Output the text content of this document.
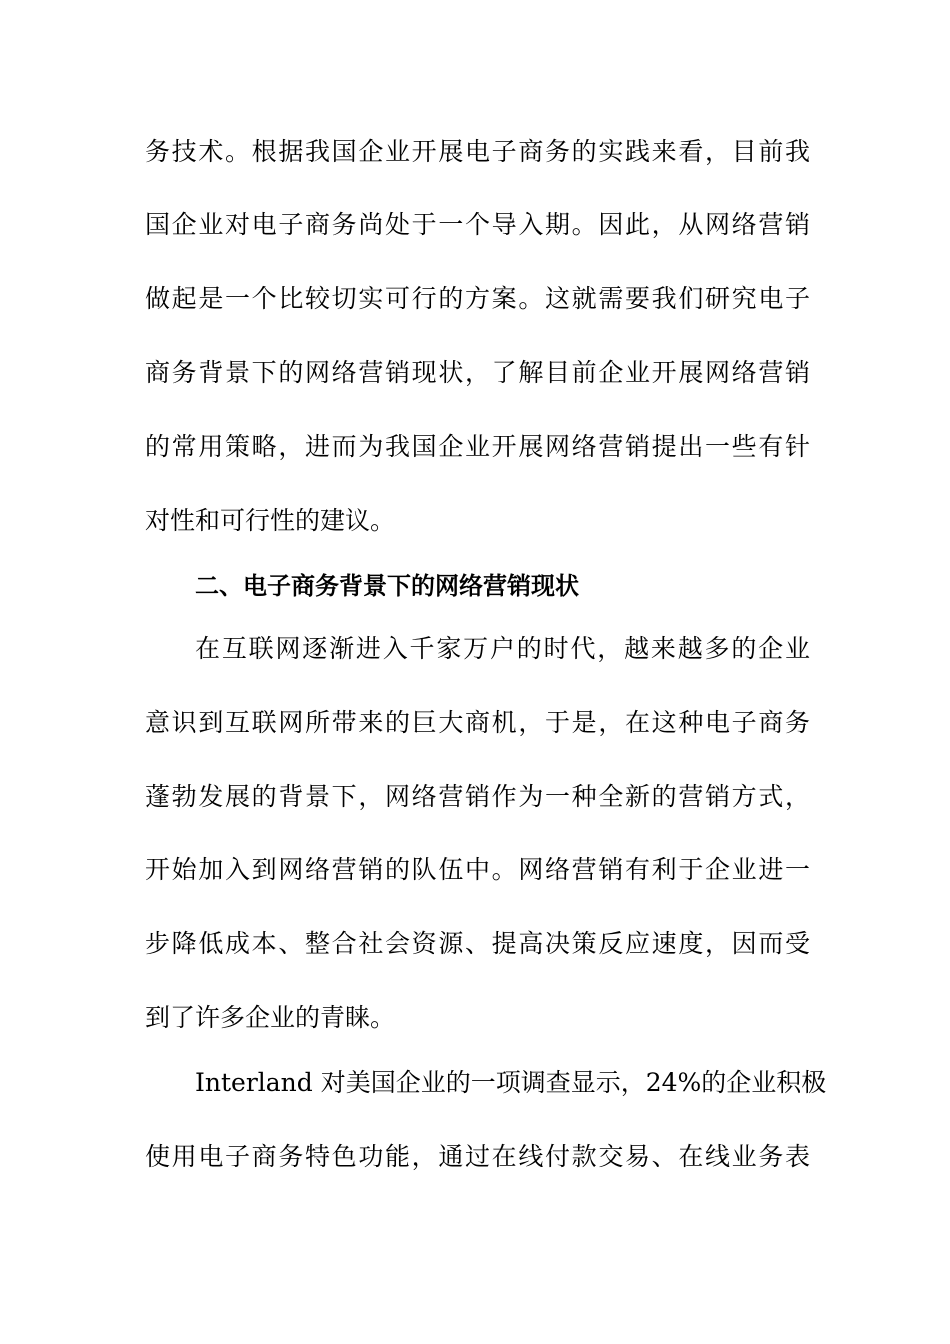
务技术。根据我国企业开展电子商务的实践来看，目前我
国企业对电子商务尚处于一个导入期。因此，从网络营销
做起是一个比较切实可行的方案。这就需要我们研究电子
商务背景下的网络营销现状，了解目前企业开展网络营销
的常用策略，进而为我国企业开展网络营销提出一些有针
对性和可行性的建议。
二、电子商务背景下的网络营销现状
在互联网逐渐进入千家万户的时代，越来越多的企业
意识到互联网所带来的巨大商机，于是，在这种电子商务
蓬勃发展的背景下，网络营销作为一种全新的营销方式，
开始加入到网络营销的队伍中。网络营销有利于企业进一
步降低成本、整合社会资源、提高决策反应速度，因而受
到了许多企业的青睐。
Interland 对美国企业的一项调查显示，24%的企业积极
使用电子商务特色功能，通过在线付款交易、在线业务表
